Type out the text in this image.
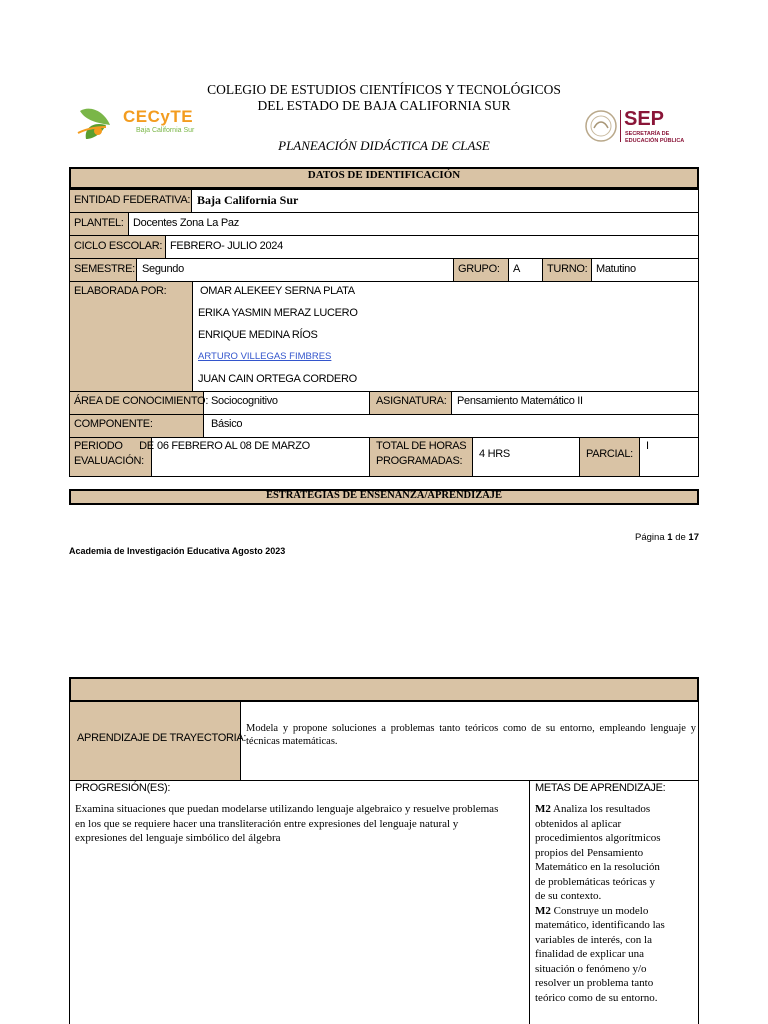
COLEGIO DE ESTUDIOS CIENTÍFICOS Y TECNOLÓGICOS
DEL ESTADO DE BAJA CALIFORNIA SUR
CECyTE
Baja California Sur
SEP
SECRETARÍA DE
EDUCACIÓN PÚBLICA
PLANEACIÓN DIDÁCTICA DE CLASE
DATOS DE IDENTIFICACIÓN
ENTIDAD FEDERATIVA: Baja California Sur
PLANTEL: Docentes Zona La Paz
CICLO ESCOLAR: FEBRERO- JULIO 2024
SEMESTRE: Segundo	GRUPO: A TURNO: Matutino
ELABORADA POR:	OMAR ALEKEEY SERNA PLATA
ERIKA YASMIN MERAZ LUCERO
ENRIQUE MEDINA RÍOS
ARTURO VILLEGAS FIMBRES
JUAN CAIN ORTEGA CORDERO
ÁREA DE CONOCIMIENTO: Sociocognitivo	ASIGNATURA: Pensamiento Matemático II
COMPONENTE:	Básico
PERIODO      DE
EVALUACIÓN:
06 FEBRERO AL 08 DE MARZO	TOTAL DE HORAS
PROGRAMADAS:
4 HRS	PARCIAL:
I
ESTRATEGIAS DE ENSEÑANZA/APRENDIZAJE
Página 1 de 17
Academia de Investigación Educativa Agosto 2023
APRENDIZAJE DE TRAYECTORIA:
Modela y propone soluciones a problemas tanto teóricos como de su entorno, empleando lenguaje y técnicas matemáticas.
PROGRESIÓN(ES):
Examina situaciones que puedan modelarse utilizando lenguaje algebraico y resuelve problemas en los que se requiere hacer una transliteración entre expresiones del lenguaje natural y expresiones del lenguaje simbólico del álgebra
METAS DE APRENDIZAJE:
M2 Analiza los resultados obtenidos al aplicar procedimientos algorítmicos propios del Pensamiento Matemático en la resolución de problemáticas teóricas y de su contexto.
M2 Construye un modelo matemático, identificando las variables de interés, con la finalidad de explicar una situación o fenómeno y/o resolver un problema tanto teórico como de su entorno.
